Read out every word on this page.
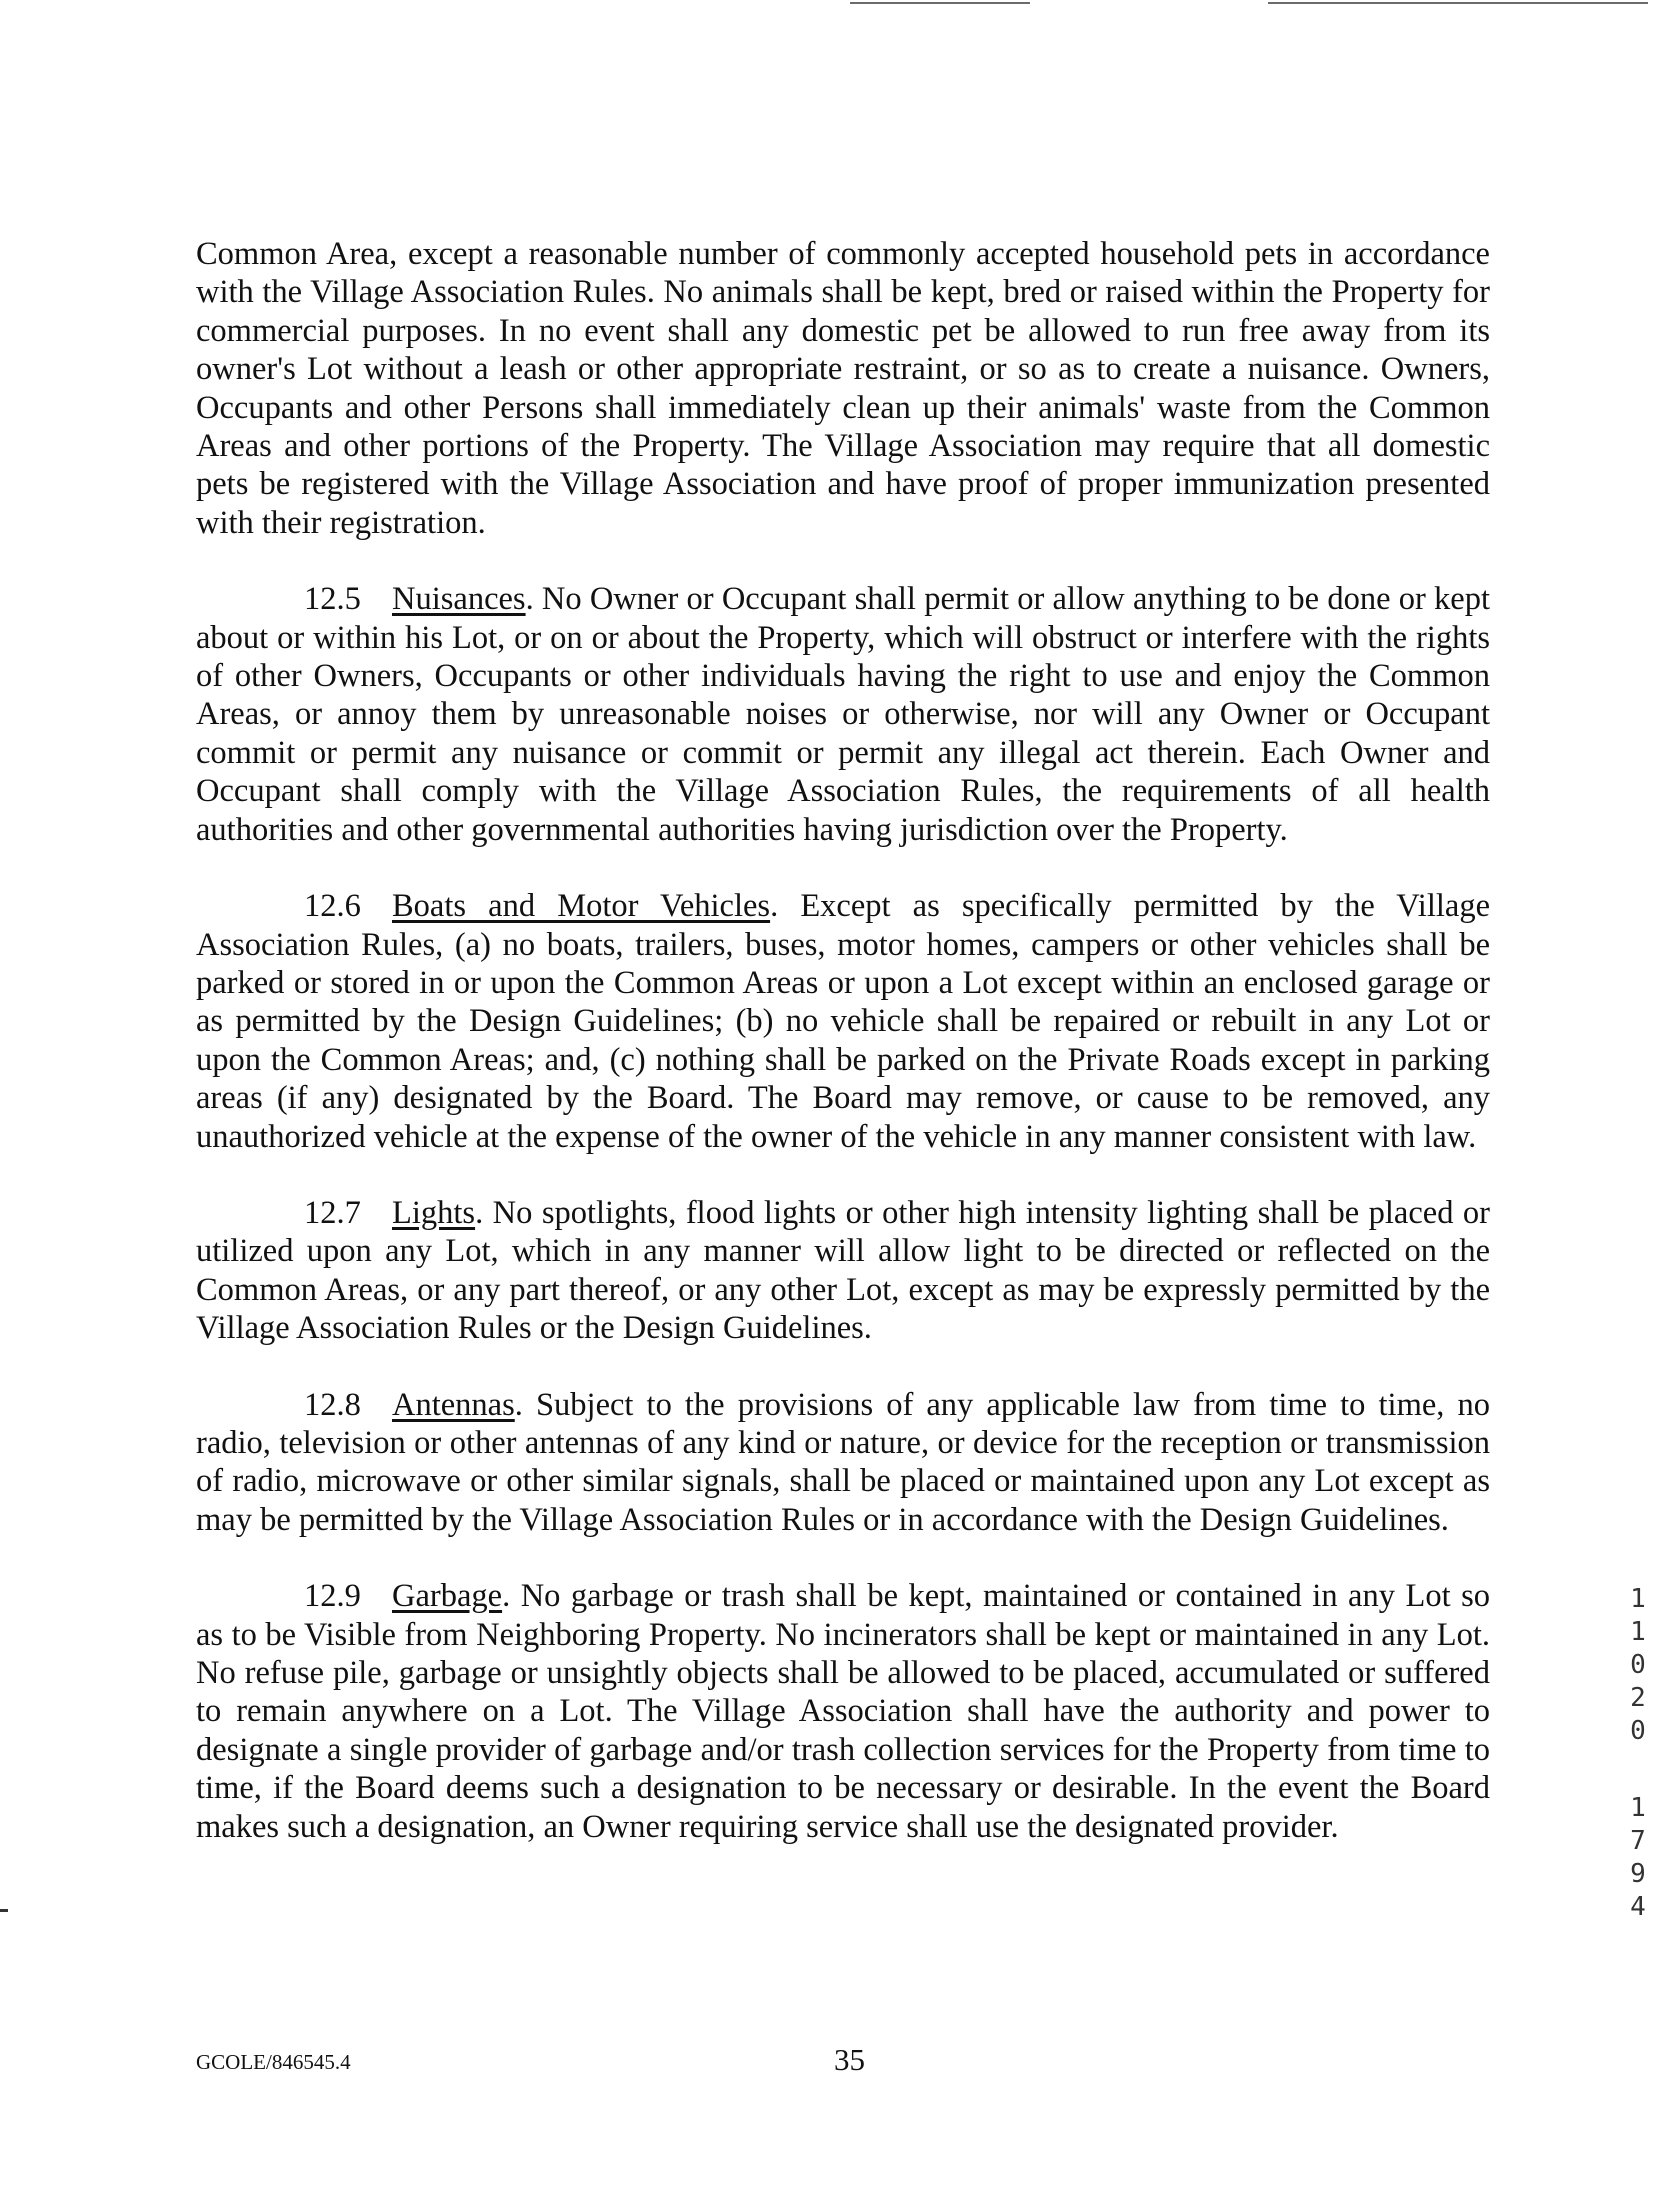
Common Area, except a reasonable number of commonly accepted household pets in accordance with the Village Association Rules. No animals shall be kept, bred or raised within the Property for commercial purposes. In no event shall any domestic pet be allowed to run free away from its owner's Lot without a leash or other appropriate restraint, or so as to create a nuisance. Owners, Occupants and other Persons shall immediately clean up their animals' waste from the Common Areas and other portions of the Property. The Village Association may require that all domestic pets be registered with the Village Association and have proof of proper immunization presented with their registration.

12.5 Nuisances. No Owner or Occupant shall permit or allow anything to be done or kept about or within his Lot, or on or about the Property, which will obstruct or interfere with the rights of other Owners, Occupants or other individuals having the right to use and enjoy the Common Areas, or annoy them by unreasonable noises or otherwise, nor will any Owner or Occupant commit or permit any nuisance or commit or permit any illegal act therein. Each Owner and Occupant shall comply with the Village Association Rules, the requirements of all health authorities and other governmental authorities having jurisdiction over the Property.

12.6 Boats and Motor Vehicles. Except as specifically permitted by the Village Association Rules, (a) no boats, trailers, buses, motor homes, campers or other vehicles shall be parked or stored in or upon the Common Areas or upon a Lot except within an enclosed garage or as permitted by the Design Guidelines; (b) no vehicle shall be repaired or rebuilt in any Lot or upon the Common Areas; and, (c) nothing shall be parked on the Private Roads except in parking areas (if any) designated by the Board. The Board may remove, or cause to be removed, any unauthorized vehicle at the expense of the owner of the vehicle in any manner consistent with law.

12.7 Lights. No spotlights, flood lights or other high intensity lighting shall be placed or utilized upon any Lot, which in any manner will allow light to be directed or reflected on the Common Areas, or any part thereof, or any other Lot, except as may be expressly permitted by the Village Association Rules or the Design Guidelines.

12.8 Antennas. Subject to the provisions of any applicable law from time to time, no radio, television or other antennas of any kind or nature, or device for the reception or transmission of radio, microwave or other similar signals, shall be placed or maintained upon any Lot except as may be permitted by the Village Association Rules or in accordance with the Design Guidelines.

12.9 Garbage. No garbage or trash shall be kept, maintained or contained in any Lot so as to be Visible from Neighboring Property. No incinerators shall be kept or maintained in any Lot. No refuse pile, garbage or unsightly objects shall be allowed to be placed, accumulated or suffered to remain anywhere on a Lot. The Village Association shall have the authority and power to designate a single provider of garbage and/or trash collection services for the Property from time to time, if the Board deems such a designation to be necessary or desirable. In the event the Board makes such a designation, an Owner requiring service shall use the designated provider.

1
1
0
2
0
1
7
9
4
GCOLE/846545.4	35
